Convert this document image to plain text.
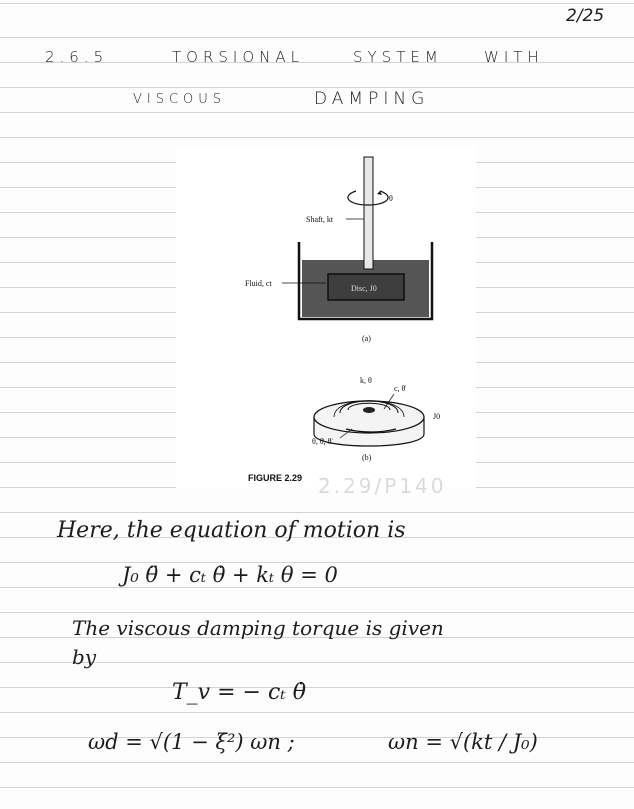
2/25
2.6.5	TORSIONAL	SYSTEM	WITH
VISCOUS	DAMPING
θ
Shaft, kt
Disc, J0
Fluid, ct
(a)
k, θ
c, θ̇
J0
θ, θ̇, θ̈
(b)
FIGURE 2.29 2.29/P140
Here, the equation of motion is
J₀ θ̈ + cₜ θ̇ + kₜ θ = 0
The viscous damping torque is given
by
T_v = − cₜ θ̇
ωd = √(1 − ξ²) ωn ;	ωn = √(kt / J₀)
